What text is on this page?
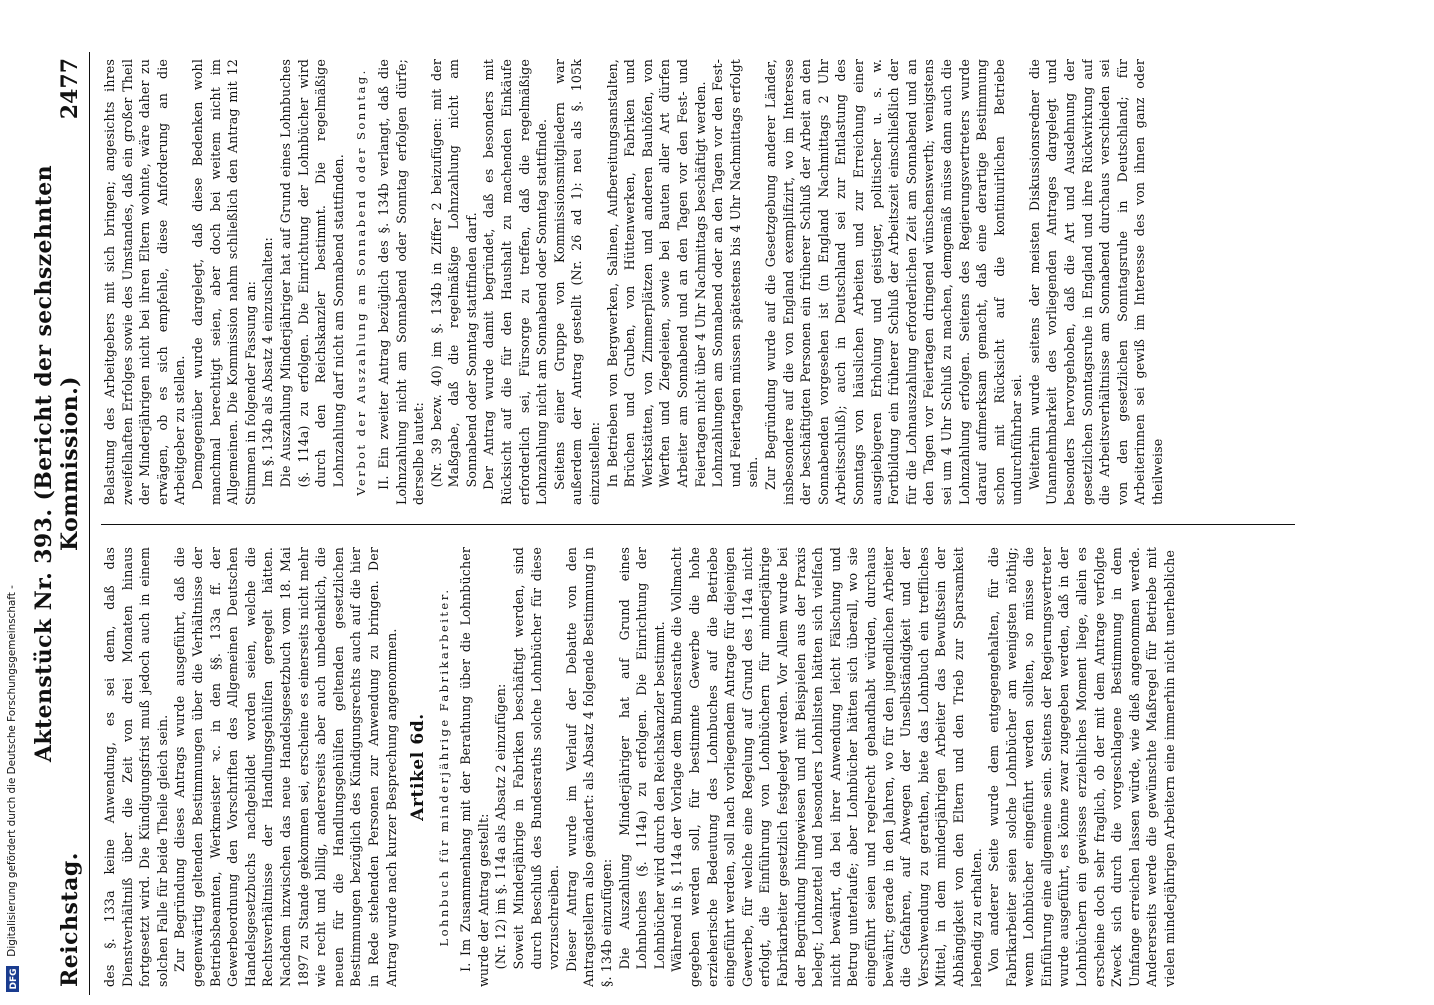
DFG
Digitalisierung gefördert durch die Deutsche Forschungsgemeinschaft - Reichstag.
Aktenstück Nr. 393. (Bericht der sechszehnten Kommission.)
2477

des §. 133a keine Anwendung, es sei denn, daß das Dienstverhältniß über die Zeit von drei Monaten hinaus fortgesetzt wird. Die Kündigungsfrist muß jedoch auch in einem solchen Falle für beide Theile gleich sein. Zur Begründung dieses Antrags wurde ausgeführt, daß die gegenwärtig geltenden Bestimmungen über die Verhältnisse der Betriebsbeamten, Werkmeister ꝛc. in den §§. 133a ff. der Gewerbeordnung den Vorschriften des Allgemeinen Deutschen Handelsgesetzbuchs nachgebildet worden seien, welche die Rechtsverhältnisse der Handlungsgehülfen geregelt hätten. Nachdem inzwischen das neue Handelsgesetzbuch vom 18. Mai 1897 zu Stande gekommen sei, erscheine es einerseits nicht mehr wie recht und billig, andererseits aber auch unbedenklich, die neuen für die Handlungsgehülfen geltenden gesetzlichen Bestimmungen bezüglich des Kündigungsrechts auch auf die hier in Rede stehenden Personen zur Anwendung zu bringen. Der Antrag wurde nach kurzer Besprechung angenommen. Artikel 6d. Lohnbuch für minderjährige Fabrikarbeiter. I. Im Zusammenhang mit der Berathung über die Lohnbücher wurde der Antrag gestellt: (Nr. 12) im §. 114a als Absatz 2 einzufügen: Soweit Minderjährige in Fabriken beschäftigt werden, sind durch Beschluß des Bundesraths solche Lohnbücher für diese vorzuschreiben. Dieser Antrag wurde im Verlauf der Debatte von den Antragstellern also geändert: als Absatz 4 folgende Bestimmung in §. 134b einzufügen: Die Auszahlung Minderjähriger hat auf Grund eines Lohnbuches (§. 114a) zu erfolgen. Die Einrichtung der Lohnbücher wird durch den Reichskanzler bestimmt. Während in §. 114a der Vorlage dem Bundesrathe die Vollmacht gegeben werden soll, für bestimmte Gewerbe die hohe erzieherische Bedeutung des Lohnbuches auf die Betriebe eingeführt werden, soll nach vorliegendem Antrage für diejenigen Gewerbe, für welche eine Regelung auf Grund des 114a nicht erfolgt, die Einführung von Lohnbüchern für minderjährige Fabrikarbeiter gesetzlich festgelegt werden. Vor Allem wurde bei der Begründung hingewiesen und mit Beispielen aus der Praxis belegt; Lohnzettel und besonders Lohnlisten hätten sich vielfach nicht bewährt, da bei ihrer Anwendung leicht Fälschung und Betrug unterlaufe; aber Lohnbücher hätten sich überall, wo sie eingeführt seien und regelrecht gehandhabt würden, durchaus bewährt; gerade in den Jahren, wo für den jugendlichen Arbeiter die Gefahren, auf Abwegen der Unselbständigkeit und der Verschwendung zu gerathen, biete das Lohnbuch ein treffliches Mittel, in dem minderjährigen Arbeiter das Bewußtsein der Abhängigkeit von den Eltern und den Trieb zur Sparsamkeit lebendig zu erhalten. Von anderer Seite wurde dem entgegengehalten, für die Fabrikarbeiter seien solche Lohnbücher am wenigsten nöthig; wenn Lohnbücher eingeführt werden sollten, so müsse die Einführung eine allgemeine sein. Seitens der Regierungsvertreter wurde ausgeführt, es könne zwar zugegeben werden, daß in der Lohnbüchern ein gewisses erziehliches Moment liege, allein es erscheine doch sehr fraglich, ob der mit dem Antrage verfolgte Zweck sich durch die vorgeschlagene Bestimmung in dem Umfange erreichen lassen würde, wie dieß angenommen werde. Andererseits werde die gewünschte Maßregel für Betriebe mit vielen minderjährigen Arbeitern eine immerhin nicht unerhebliche

Belastung des Arbeitgebers mit sich bringen; angesichts ihres zweifelhaften Erfolges sowie des Umstandes, daß ein großer Theil der Minderjährigen nicht bei ihren Eltern wohnte, wäre daher zu erwägen, ob es sich empfehle, diese Anforderung an die Arbeitgeber zu stellen. Demgegenüber wurde dargelegt, daß diese Bedenken wohl manchmal berechtigt seien, aber doch bei weitem nicht im Allgemeinen. Die Kommission nahm schließlich den Antrag mit 12 Stimmen in folgender Fassung an: Im §. 134b als Absatz 4 einzuschalten: Die Auszahlung Minderjähriger hat auf Grund eines Lohnbuches (§. 114a) zu erfolgen. Die Einrichtung der Lohnbücher wird durch den Reichskanzler bestimmt. Die regelmäßige Lohnzahlung darf nicht am Sonnabend stattfinden. Verbot der Auszahlung am Sonnabend oder Sonntag. II. Ein zweiter Antrag bezüglich des §. 134b verlangt, daß die Lohnzahlung nicht am Sonnabend oder Sonntag erfolgen dürfe; derselbe lautet: (Nr. 39 bezw. 40) im §. 134b in Ziffer 2 beizufügen: mit der Maßgabe, daß die regelmäßige Lohnzahlung nicht am Sonnabend oder Sonntag stattfinden darf. Der Antrag wurde damit begründet, daß es besonders mit Rücksicht auf die für den Haushalt zu machenden Einkäufe erforderlich sei, Fürsorge zu treffen, daß die regelmäßige Lohnzahlung nicht am Sonnabend oder Sonntag stattfinde. Seitens einer Gruppe von Kommissionsmitgliedern war außerdem der Antrag gestellt (Nr. 26 ad 1): neu als §. 105k einzustellen: In Betrieben von Bergwerken, Salinen, Aufbereitungsanstalten, Brüchen und Gruben, von Hüttenwerken, Fabriken und Werkstätten, von Zimmerplätzen und anderen Bauhöfen, von Werften und Ziegeleien, sowie bei Bauten aller Art dürfen Arbeiter am Sonnabend und an den Tagen vor den Fest- und Feiertagen nicht über 4 Uhr Nachmittags beschäftigt werden. Lohnzahlungen am Sonnabend oder an den Tagen vor den Fest- und Feiertagen müssen spätestens bis 4 Uhr Nachmittags erfolgt sein. Zur Begründung wurde auf die Gesetzgebung anderer Länder, insbesondere auf die von England exemplifizirt, wo im Interesse der beschäftigten Personen ein früherer Schluß der Arbeit an den Sonnabenden vorgesehen ist (in England Nachmittags 2 Uhr Arbeitsschluß); auch in Deutschland sei zur Entlastung des Sonntags von häuslichen Arbeiten und zur Erreichung einer ausgiebigeren Erholung und geistiger, politischer u. s. w. Fortbildung ein früherer Schluß der Arbeitszeit einschließlich der für die Lohnauszahlung erforderlichen Zeit am Sonnabend und an den Tagen vor Feiertagen dringend wünschenswerth; wenigstens sei um 4 Uhr Schluß zu machen, demgemäß müsse dann auch die Lohnzahlung erfolgen. Seitens des Regierungsvertreters wurde darauf aufmerksam gemacht, daß eine derartige Bestimmung schon mit Rücksicht auf die kontinuirlichen Betriebe undurchführbar sei. Weiterhin wurde seitens der meisten Diskussionsredner die Unannehmbarkeit des vorliegenden Antrages dargelegt und besonders hervorgehoben, daß die Art und Ausdehnung der gesetzlichen Sonntagsruhe in England und ihre Rückwirkung auf die Arbeitsverhältnisse am Sonnabend durchaus verschieden sei von den gesetzlichen Sonntagsruhe in Deutschland; für Arbeiterinnen sei gewiß im Interesse des von ihnen ganz oder theilweise
